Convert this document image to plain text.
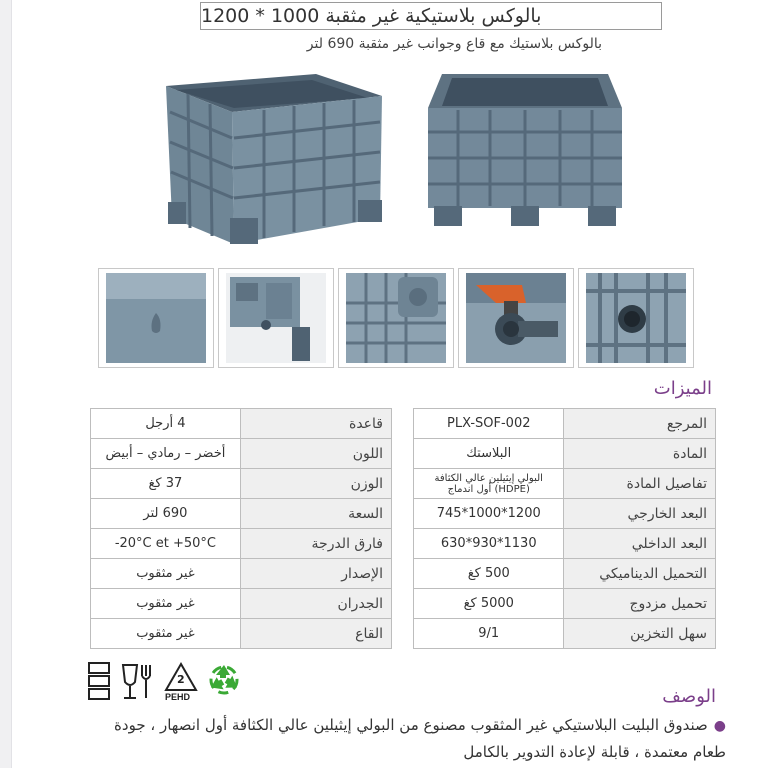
بالوكس بلاستيكية غير مثقبة 1000 * 1200
بالوكس بلاستيك مع قاع وجوانب غير مثقبة 690 لتر
الميزات
قاعدة	4 أرجل
اللون	أخضر – رمادي – أبيض
الوزن	37 كغ
السعة	690 لتر
فارق الدرجة	-20°C et +50°C
الإصدار	غير مثقوب
الجدران	غير مثقوب
القاع	غير مثقوب
المرجع	PLX-SOF-002
المادة	البلاستك
تفاصيل المادة	البولي إيثيلين عالي الكثافة (HDPE) أول اندماج
البعد الخارجي	745*1000*1200
البعد الداخلي	630*930*1130
التحميل الديناميكي	500 كغ
تحميل مزدوج	5000 كغ
سهل التخزين	9/1
2
PEHD	الوصف
●صندوق البليت البلاستيكي غير المثقوب مصنوع من البولي إيثيلين عالي الكثافة أول انصهار ، جودة
طعام معتمدة ، قابلة لإعادة التدوير بالكامل
